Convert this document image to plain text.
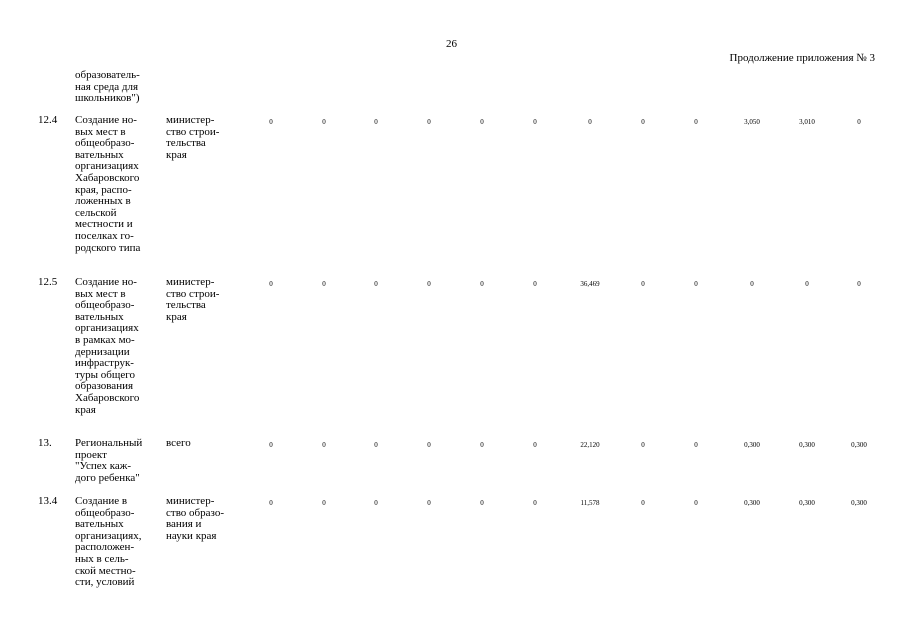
26
Продолжение приложения № 3
образователь-
ная среда для
школьников")
12.4 Создание но-
вых мест в
общеобразо-
вательных
организациях
Хабаровского
края, распо-
ложенных в
сельской
местности и
поселках го-
родского типа
министер-
ство строи-
тельства
края
0	0	0	0	0	0	0	0	0	3,050	3,010	0
12.5 Создание но-
вых мест в
общеобразо-
вательных
организациях
в рамках мо-
дернизации
инфраструк-
туры общего
образования
Хабаровского
края
министер-
ство строи-
тельства
края
0	0	0	0	0	0	36,469	0	0	0	0	0
13. Региональный
проект
"Успех каж-
дого ребенка"
всего	0	0	0	0	0	0	22,120	0	0	0,300	0,300	0,300
13.4 Создание в
общеобразо-
вательных
организациях,
расположен-
ных в сель-
ской местно-
сти, условий
министер-
ство образо-
вания и
науки края
0	0	0	0	0	0	11,578	0	0	0,300	0,300	0,300
